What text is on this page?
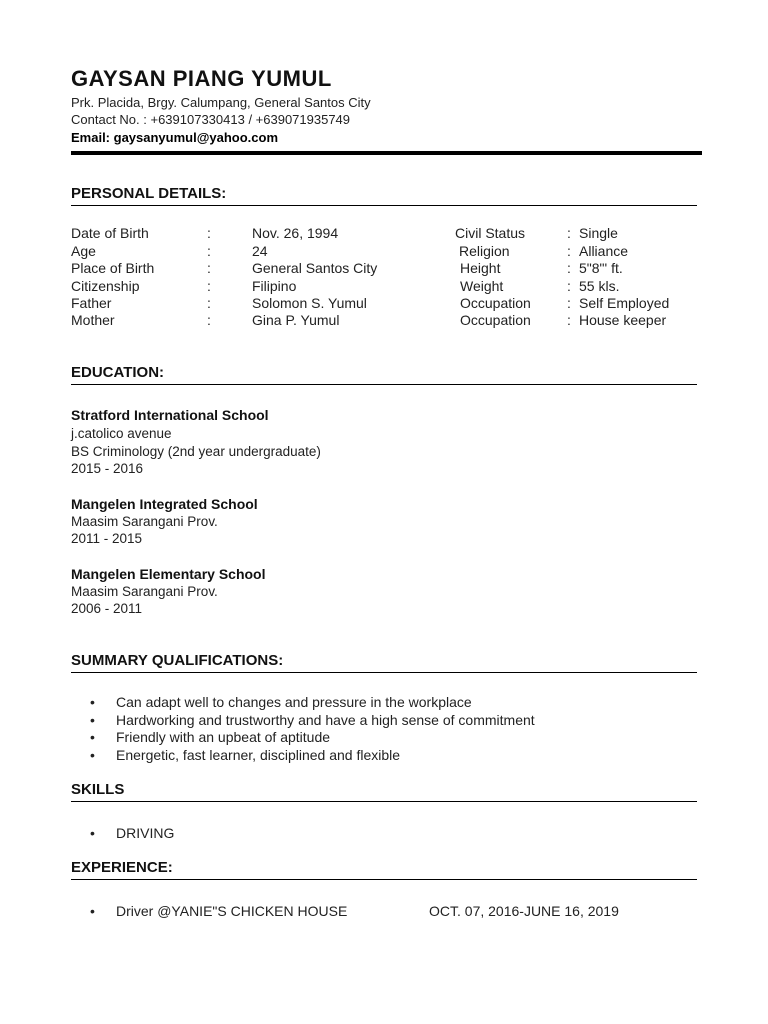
GAYSAN PIANG YUMUL

Prk. Placida, Brgy. Calumpang, General Santos City

Contact No. : +639107330413 / +639071935749

Email: gaysanyumul@yahoo.com

PERSONAL DETAILS:
Date of Birth	:	Nov. 26, 1994	Civil Status	: Single
Age	:	24	Religion	: Alliance
Place of Birth	:	General Santos City	Height	: 5"8"' ft.
Citizenship	:	Filipino	Weight	: 55 kls.
Father	:	Solomon S. Yumul	Occupation	: Self Employed
Mother	:	Gina P. Yumul	Occupation	: House keeper
EDUCATION:

Stratford International School

j.catolico avenue

BS Criminology (2nd year undergraduate)

2015 - 2016

Mangelen Integrated School

Maasim Sarangani Prov.

2011 - 2015

Mangelen Elementary School

Maasim Sarangani Prov.

2006 - 2011

SUMMARY QUALIFICATIONS:
• Can adapt well to changes and pressure in the workplace
• Hardworking and trustworthy and have a high sense of commitment
• Friendly with an upbeat of aptitude
• Energetic, fast learner, disciplined and flexible
SKILLS
• DRIVING
EXPERIENCE:
• Driver @YANIE"S CHICKEN HOUSE	OCT. 07, 2016-JUNE 16, 2019
